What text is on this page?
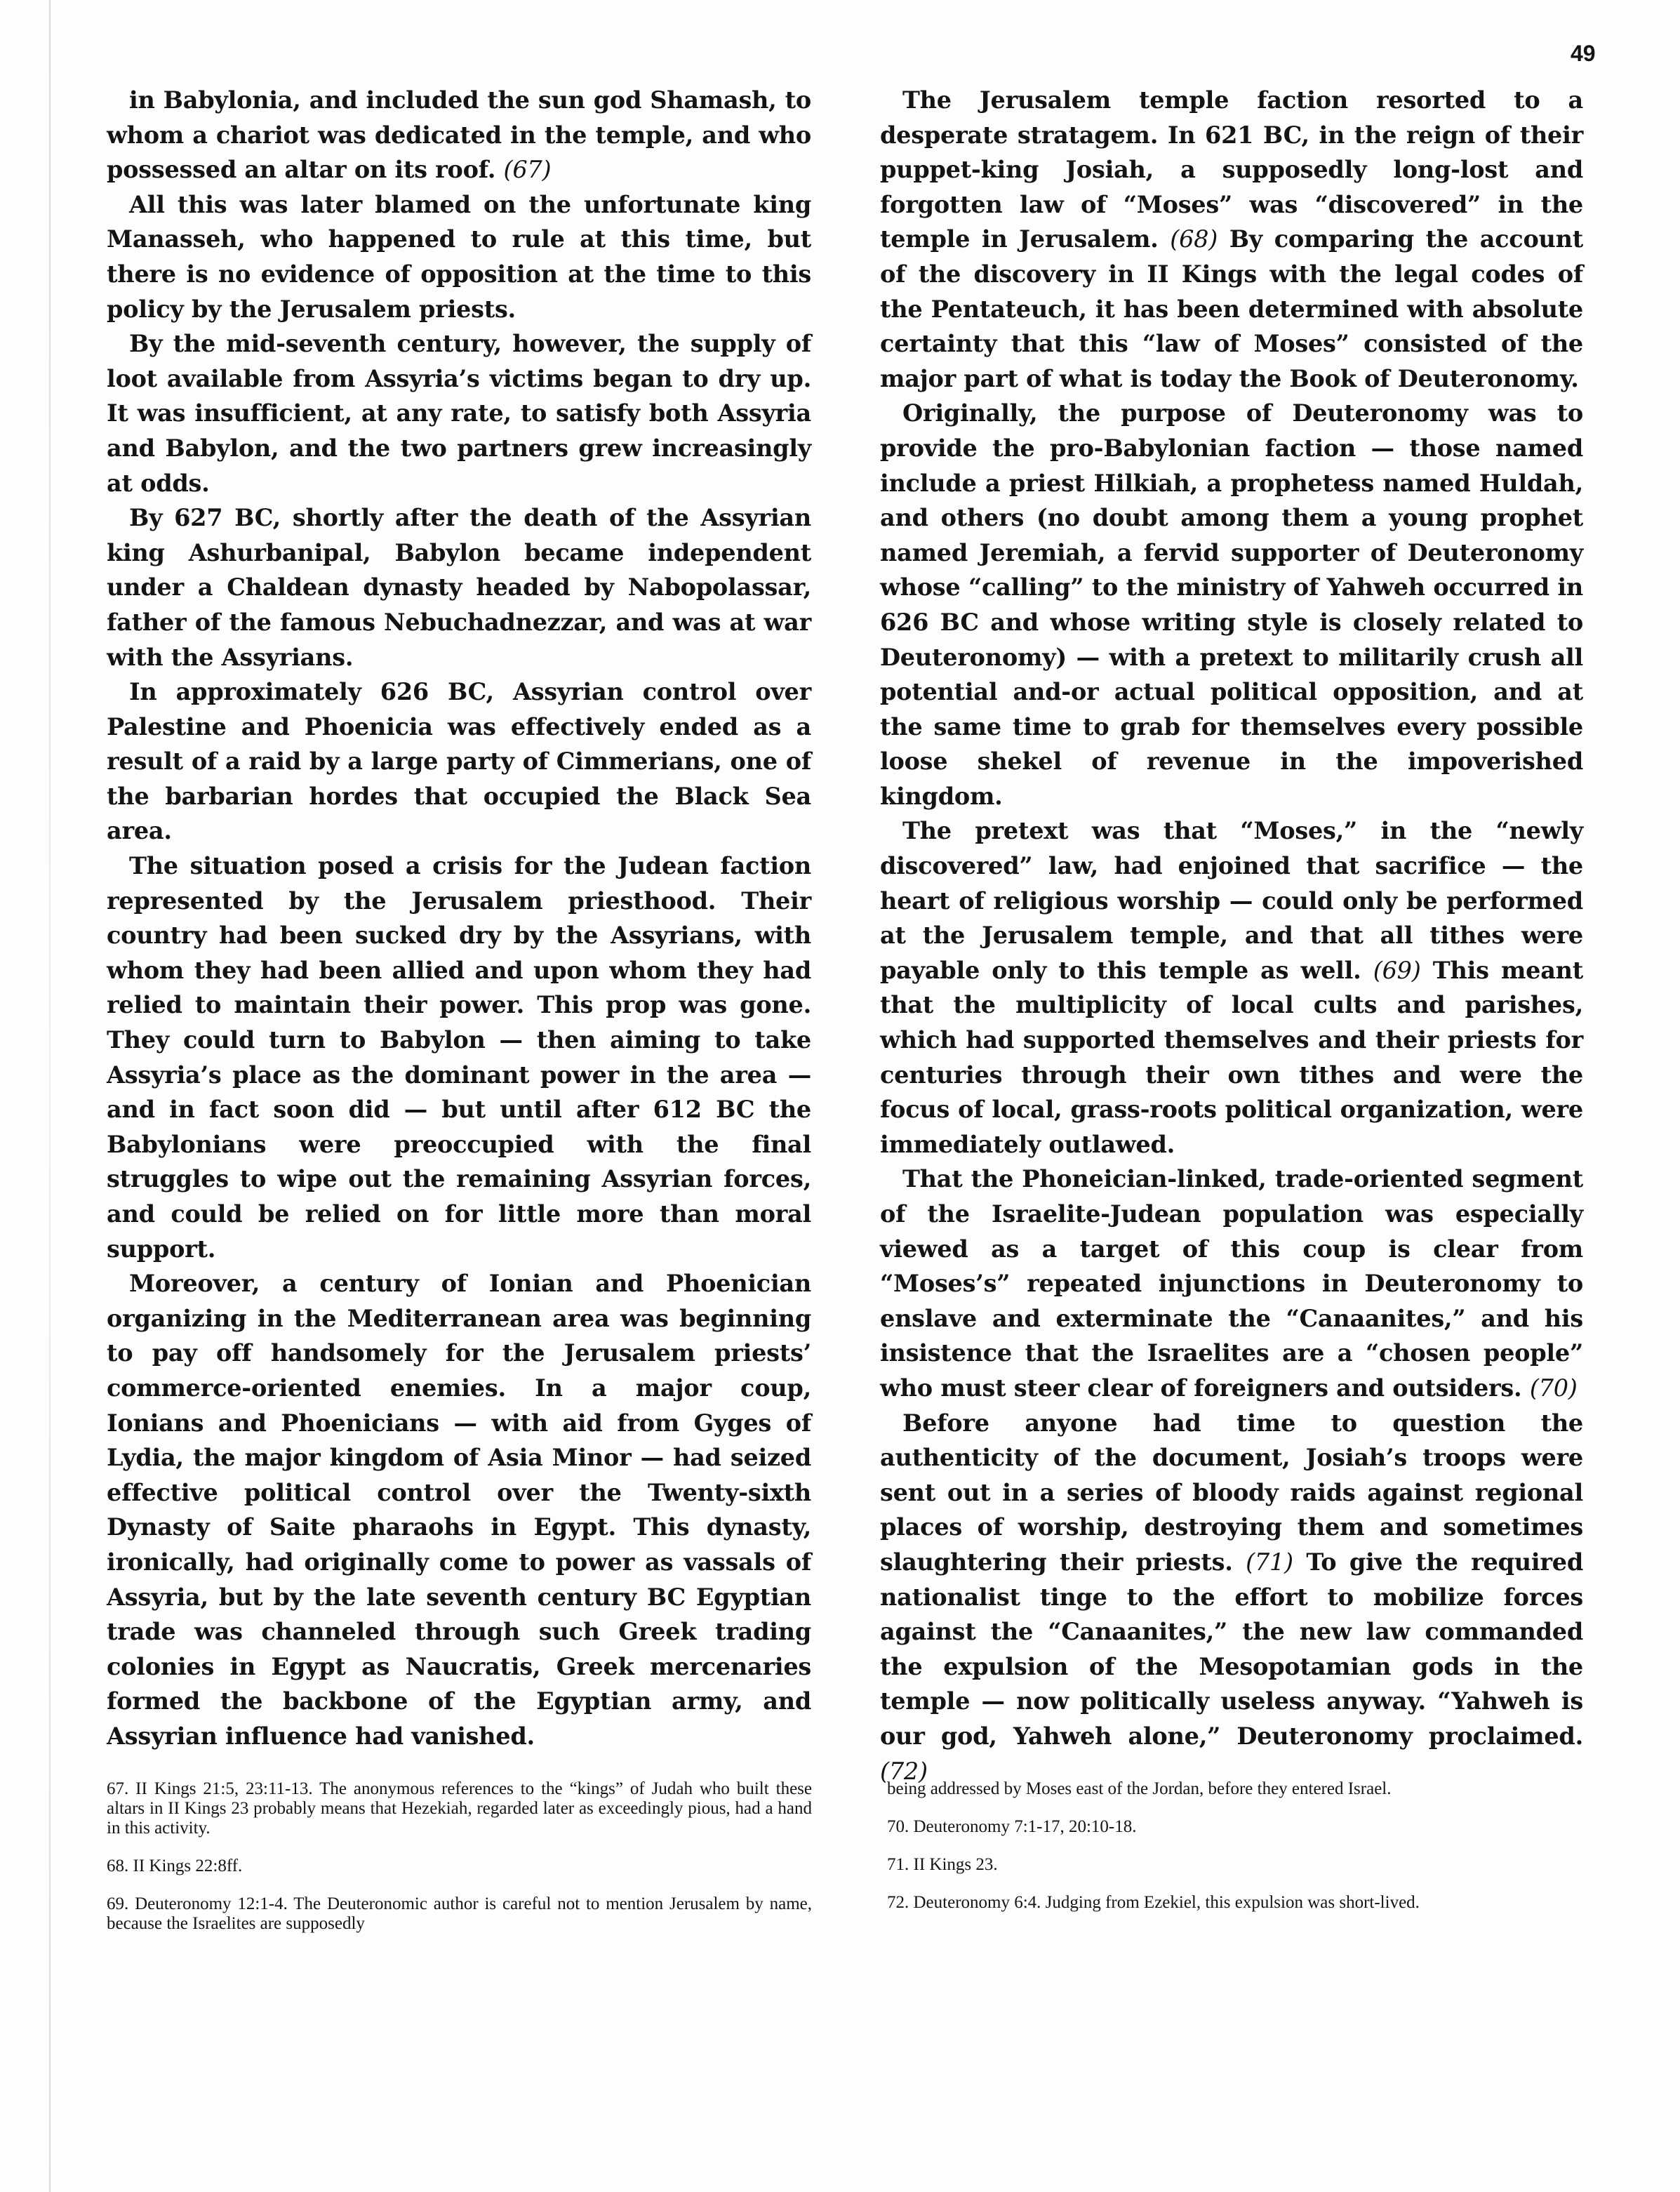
49

in Babylonia, and included the sun god Shamash, to whom a chariot was dedicated in the temple, and who possessed an altar on its roof. (67)

All this was later blamed on the unfortunate king Manasseh, who happened to rule at this time, but there is no evidence of opposition at the time to this policy by the Jerusalem priests.

By the mid-seventh century, however, the supply of loot available from Assyria’s victims began to dry up. It was insufficient, at any rate, to satisfy both Assyria and Babylon, and the two partners grew increasingly at odds.

By 627 BC, shortly after the death of the Assyrian king Ashurbanipal, Babylon became independent under a Chaldean dynasty headed by Nabopolassar, father of the famous Nebuchadnezzar, and was at war with the Assyrians.

In approximately 626 BC, Assyrian control over Palestine and Phoenicia was effectively ended as a result of a raid by a large party of Cimmerians, one of the barbarian hordes that occupied the Black Sea area.

The situation posed a crisis for the Judean faction represented by the Jerusalem priesthood. Their country had been sucked dry by the Assyrians, with whom they had been allied and upon whom they had relied to maintain their power. This prop was gone. They could turn to Babylon — then aiming to take Assyria’s place as the dominant power in the area — and in fact soon did — but until after 612 BC the Babylonians were preoccupied with the final struggles to wipe out the remaining Assyrian forces, and could be relied on for little more than moral support.

Moreover, a century of Ionian and Phoenician organizing in the Mediterranean area was beginning to pay off handsomely for the Jerusalem priests’ commerce-oriented enemies. In a major coup, Ionians and Phoenicians — with aid from Gyges of Lydia, the major kingdom of Asia Minor — had seized effective political control over the Twenty-sixth Dynasty of Saite pharaohs in Egypt. This dynasty, ironically, had originally come to power as vassals of Assyria, but by the late seventh century BC Egyptian trade was channeled through such Greek trading colonies in Egypt as Naucratis, Greek mercenaries formed the backbone of the Egyptian army, and Assyrian influence had vanished.

The Jerusalem temple faction resorted to a desperate stratagem. In 621 BC, in the reign of their puppet-king Josiah, a supposedly long-lost and forgotten law of “Moses” was “discovered” in the temple in Jerusalem. (68) By comparing the account of the discovery in II Kings with the legal codes of the Pentateuch, it has been determined with absolute certainty that this “law of Moses” consisted of the major part of what is today the Book of Deuteronomy.

Originally, the purpose of Deuteronomy was to provide the pro-Babylonian faction — those named include a priest Hilkiah, a prophetess named Huldah, and others (no doubt among them a young prophet named Jeremiah, a fervid supporter of Deuteronomy whose “calling” to the ministry of Yahweh occurred in 626 BC and whose writing style is closely related to Deuteronomy) — with a pretext to militarily crush all potential and-or actual political opposition, and at the same time to grab for themselves every possible loose shekel of revenue in the impoverished kingdom.

The pretext was that “Moses,” in the “newly discovered” law, had enjoined that sacrifice — the heart of religious worship — could only be performed at the Jerusalem temple, and that all tithes were payable only to this temple as well. (69) This meant that the multiplicity of local cults and parishes, which had supported themselves and their priests for centuries through their own tithes and were the focus of local, grass-roots political organization, were immediately outlawed.

That the Phoneician-linked, trade-oriented segment of the Israelite-Judean population was especially viewed as a target of this coup is clear from “Moses’s” repeated injunctions in Deuteronomy to enslave and exterminate the “Canaanites,” and his insistence that the Israelites are a “chosen people” who must steer clear of foreigners and outsiders. (70)

Before anyone had time to question the authenticity of the document, Josiah’s troops were sent out in a series of bloody raids against regional places of worship, destroying them and sometimes slaughtering their priests. (71) To give the required nationalist tinge to the effort to mobilize forces against the “Canaanites,” the new law commanded the expulsion of the Mesopotamian gods in the temple — now politically useless anyway. “Yahweh is our god, Yahweh alone,” Deuteronomy proclaimed. (72)

67. II Kings 21:5, 23:11-13. The anonymous references to the “kings” of Judah who built these altars in II Kings 23 probably means that Hezekiah, regarded later as exceedingly pious, had a hand in this activity.

68. II Kings 22:8ff.

69. Deuteronomy 12:1-4. The Deuteronomic author is careful not to mention Jerusalem by name, because the Israelites are supposedly

being addressed by Moses east of the Jordan, before they entered Israel.

70. Deuteronomy 7:1-17, 20:10-18.

71. II Kings 23.

72. Deuteronomy 6:4. Judging from Ezekiel, this expulsion was short-lived.
